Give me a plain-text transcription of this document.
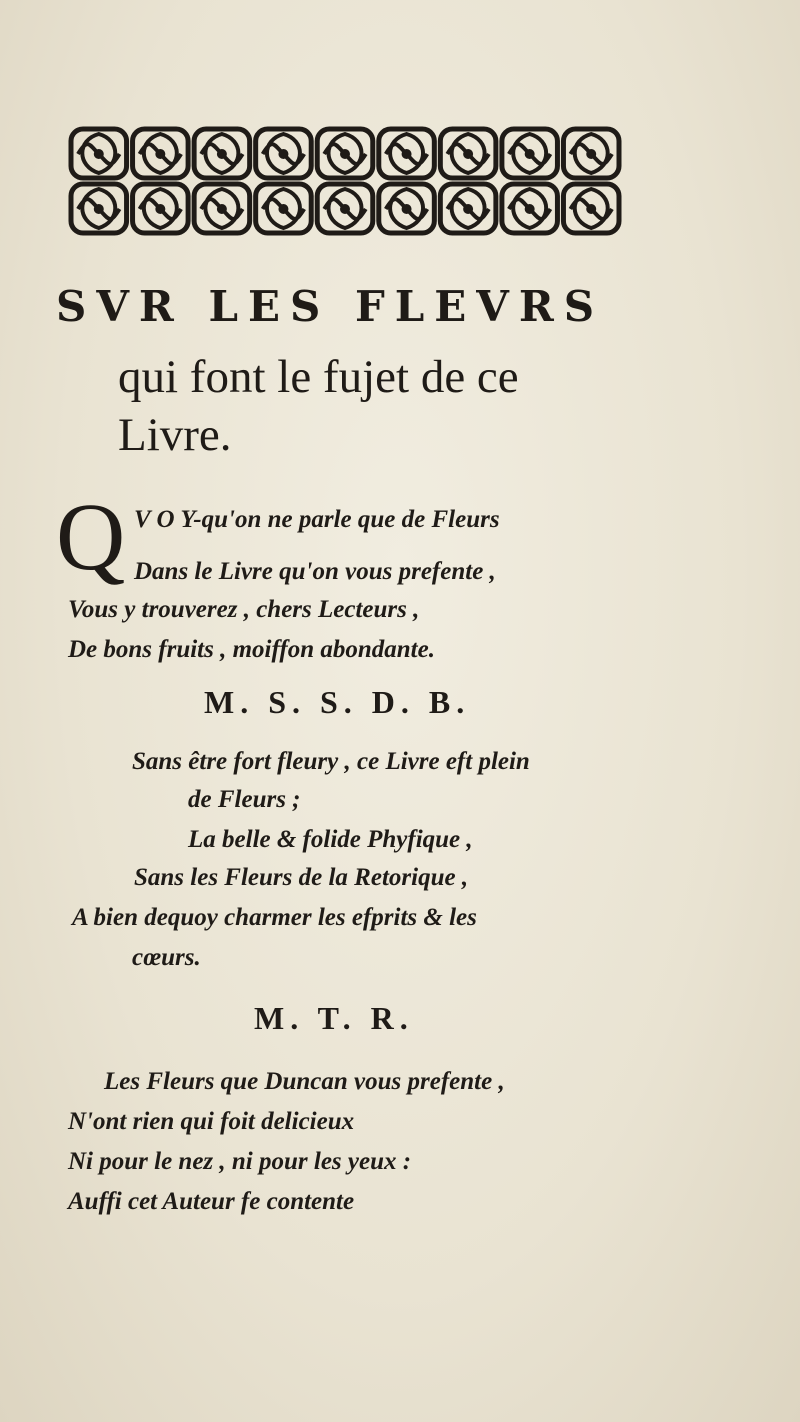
SVR LES FLEVRS
qui font le fujet de ce
Livre.
Q V O Y-qu'on ne parle que de Fleurs
Dans le Livre qu'on vous prefente ,
Vous y trouverez , chers Lecteurs ,
De bons fruits , moiffon abondante.
M. S. S. D. B.
Sans être fort fleury , ce Livre eft plein
de Fleurs ;
La belle & folide Phyfique ,
Sans les Fleurs de la Retorique ,
A bien dequoy charmer les efprits & les
cœurs.
M. T. R.
Les Fleurs que Duncan vous prefente ,
N'ont rien qui foit delicieux
Ni pour le nez , ni pour les yeux :
Auffi cet Auteur fe contente
